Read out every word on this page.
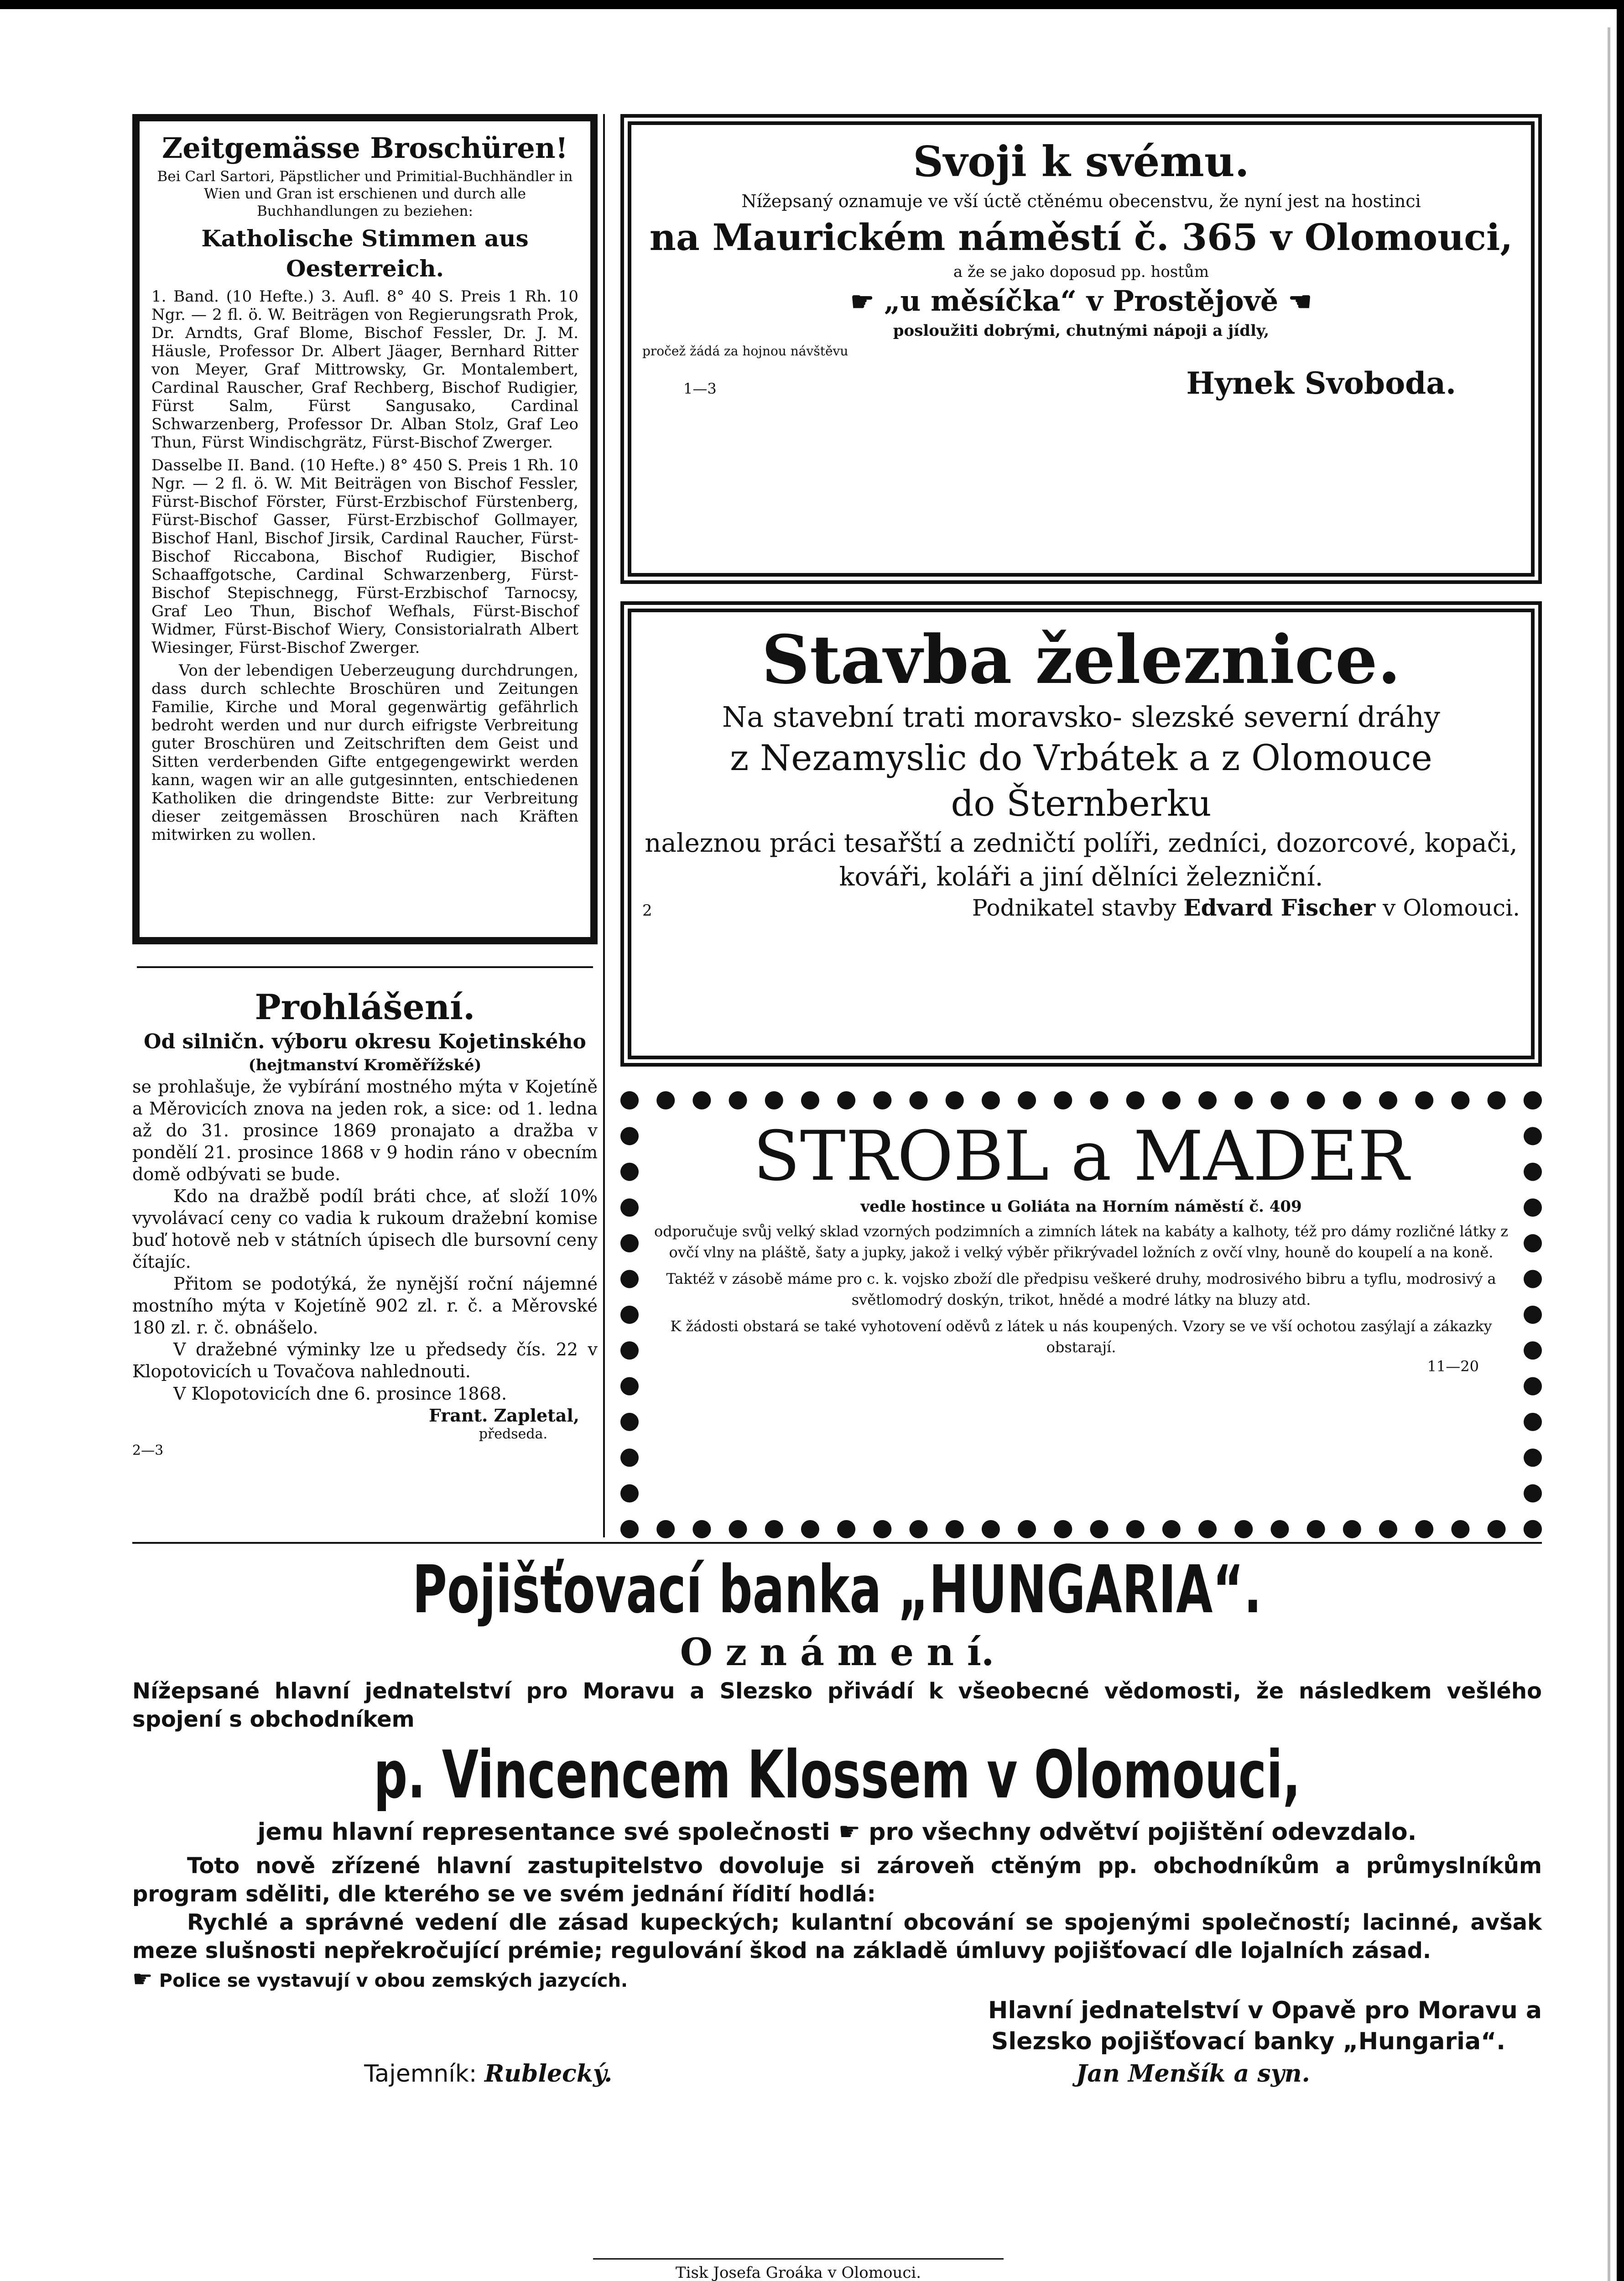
Zeitgemässe Broschüren!

Bei Carl Sartori, Päpstlicher und Primitial-Buchhändler in Wien und Gran ist erschienen und durch alle Buchhandlungen zu beziehen:

Katholische Stimmen aus Oesterreich.

1. Band. (10 Hefte.) 3. Aufl. 8° 40 S. Preis 1 Rh. 10 Ngr. — 2 fl. ö. W. Beiträgen von Regierungsrath Prok, Dr. Arndts, Graf Blome, Bischof Fessler, Dr. J. M. Häusle, Professor Dr. Albert Jäager, Bernhard Ritter von Meyer, Graf Mittrowsky, Gr. Montalembert, Cardinal Rauscher, Graf Rechberg, Bischof Rudigier, Fürst Salm, Fürst Sangusako, Cardinal Schwarzenberg, Professor Dr. Alban Stolz, Graf Leo Thun, Fürst Windischgrätz, Fürst-Bischof Zwerger.

Dasselbe II. Band. (10 Hefte.) 8° 450 S. Preis 1 Rh. 10 Ngr. — 2 fl. ö. W. Mit Beiträgen von Bischof Fessler, Fürst-Bischof Förster, Fürst-Erzbischof Fürstenberg, Fürst-Bischof Gasser, Fürst-Erzbischof Gollmayer, Bischof Hanl, Bischof Jirsik, Cardinal Raucher, Fürst-Bischof Riccabona, Bischof Rudigier, Bischof Schaaffgotsche, Cardinal Schwarzenberg, Fürst-Bischof Stepischnegg, Fürst-Erzbischof Tarnocsy, Graf Leo Thun, Bischof Wefhals, Fürst-Bischof Widmer, Fürst-Bischof Wiery, Consistorialrath Albert Wiesinger, Fürst-Bischof Zwerger.

Von der lebendigen Ueberzeugung durchdrungen, dass durch schlechte Broschüren und Zeitungen Familie, Kirche und Moral gegenwärtig gefährlich bedroht werden und nur durch eifrigste Verbreitung guter Broschüren und Zeitschriften dem Geist und Sitten verderbenden Gifte entgegengewirkt werden kann, wagen wir an alle gutgesinnten, entschiedenen Katholiken die dringendste Bitte: zur Verbreitung dieser zeitgemässen Broschüren nach Kräften mitwirken zu wollen.

Prohlášení.

Od silničn. výboru okresu Kojetinského

(hejtmanství Kroměřížské)

se prohlašuje, že vybírání mostného mýta v Kojetíně a Měrovicích znova na jeden rok, a sice: od 1. ledna až do 31. prosince 1869 pronajato a dražba v pondělí 21. prosince 1868 v 9 hodin ráno v obecním domě odbývati se bude.

Kdo na dražbě podíl bráti chce, ať složí 10% vyvolávací ceny co vadia k rukoum dražební komise buď hotově neb v státních úpisech dle bursovní ceny čítajíc.

Přitom se podotýká, že nynější roční nájemné mostního mýta v Kojetíně 902 zl. r. č. a Měrovské 180 zl. r. č. obnášelo.

V dražebné výminky lze u předsedy čís. 22 v Klopotovicích u Tovačova nahlednouti.

V Klopotovicích dne 6. prosince 1868.

Frant. Zapletal,

předseda.

2—3

Svoji k svému.

Nížepsaný oznamuje ve vší úctě ctěnému obecenstvu, že nyní jest na hostinci

na Maurickém náměstí č. 365 v Olomouci,

a že se jako doposud pp. hostům

☛ „u měsíčka“ v Prostějově ☚

posloužiti dobrými, chutnými nápoji a jídly,

pročež žádá za hojnou návštěvu

1—3	Hynek Svoboda.

Stavba železnice.

Na stavební trati moravsko- slezské severní dráhy

z Nezamyslic do Vrbátek a z Olomouce

do Šternberku

naleznou práci tesařští a zedničtí políři, zedníci, dozorcové, kopači, kováři, koláři a jiní dělníci železniční.

2	Podnikatel stavby Edvard Fischer v Olomouci.

STROBL a MADER

vedle hostince u Goliáta na Horním náměstí č. 409

odporučuje svůj velký sklad vzorných podzimních a zimních látek na kabáty a kalhoty, též pro dámy rozličné látky z ovčí vlny na pláště, šaty a jupky, jakož i velký výběr přikrývadel ložních z ovčí vlny, houně do koupelí a na koně.

Taktéž v zásobě máme pro c. k. vojsko zboží dle předpisu veškeré druhy, modrosivého bibru a tyflu, modrosivý a světlomodrý doskýn, trikot, hnědé a modré látky na bluzy atd.

K žádosti obstará se také vyhotovení oděvů z látek u nás koupených. Vzory se ve vší ochotou zasýlají a zákazky obstarají.

11—20

Pojišťovací banka „HUNGARIA“.

O z n á m e n í.

Nížepsané hlavní jednatelství pro Moravu a Slezsko přivádí k všeobecné vědomosti, že následkem vešlého spojení s obchodníkem

p. Vincencem Klossem v Olomouci,

jemu hlavní representance své společnosti ☛ pro všechny odvětví pojištění odevzdalo.

Toto nově zřízené hlavní zastupitelstvo dovoluje si zároveň ctěným pp. obchodníkům a průmyslníkům program sděliti, dle kterého se ve svém jednání řídití hodlá:

Rychlé a správné vedení dle zásad kupeckých; kulantní obcování se spojenými společností; lacinné, avšak meze slušnosti nepřekročující prémie; regulování škod na základě úmluvy pojišťovací dle lojalních zásad.

☛ Police se vystavují v obou zemských jazycích.

Hlavní jednatelství v Opavě pro Moravu a

Slezsko pojišťovací banky „Hungaria“.

Tajemník: Rublecký.	Jan Menšík a syn.

Tisk Josefa Groáka v Olomouci.
